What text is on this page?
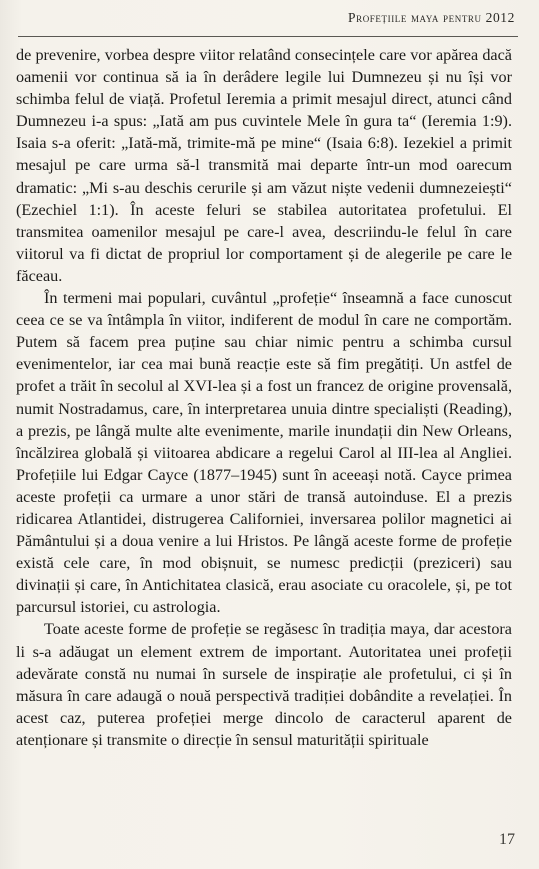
Profețiile maya pentru 2012

de prevenire, vorbea despre viitor relatând consecințele care vor apărea dacă oamenii vor continua să ia în derâdere legile lui Dumnezeu și nu își vor schimba felul de viață. Profetul Ieremia a primit mesajul direct, atunci când Dumnezeu i-a spus: „Iată am pus cuvintele Mele în gura ta“ (Ieremia 1:9). Isaia s-a oferit: „Iată-mă, trimite-mă pe mine“ (Isaia 6:8). Iezekiel a primit mesajul pe care urma să-l transmită mai departe într-un mod oarecum dramatic: „Mi s-au deschis cerurile și am văzut niște vedenii dumnezeiești“ (Ezechiel 1:1). În aceste feluri se stabilea autoritatea profetului. El transmitea oamenilor mesajul pe care-l avea, descriindu-le felul în care viitorul va fi dictat de propriul lor comportament și de alegerile pe care le făceau.

În termeni mai populari, cuvântul „profeție“ înseamnă a face cunoscut ceea ce se va întâmpla în viitor, indiferent de modul în care ne comportăm. Putem să facem prea puține sau chiar nimic pentru a schimba cursul evenimentelor, iar cea mai bună reacție este să fim pregătiți. Un astfel de profet a trăit în secolul al XVI-lea și a fost un francez de origine provensală, numit Nostradamus, care, în interpretarea unuia dintre specialiști (Reading), a prezis, pe lângă multe alte evenimente, marile inundații din New Orleans, încălzirea globală și viitoarea abdicare a regelui Carol al III-lea al Angliei. Profețiile lui Edgar Cayce (1877–1945) sunt în aceeași notă. Cayce primea aceste profeții ca urmare a unor stări de transă autoinduse. El a prezis ridicarea Atlantidei, distrugerea Californiei, inversarea polilor magnetici ai Pământului și a doua venire a lui Hristos. Pe lângă aceste forme de profeție există cele care, în mod obișnuit, se numesc predicții (preziceri) sau divinații și care, în Antichitatea clasică, erau asociate cu oracolele, și, pe tot parcursul istoriei, cu astrologia.

Toate aceste forme de profeție se regăsesc în tradiția maya, dar acestora li s-a adăugat un element extrem de important. Autoritatea unei profeții adevărate constă nu numai în sursele de inspirație ale profetului, ci și în măsura în care adaugă o nouă perspectivă tradiției dobândite a revelației. În acest caz, puterea profeției merge dincolo de caracterul aparent de atenționare și transmite o direcție în sensul maturității spirituale

17
